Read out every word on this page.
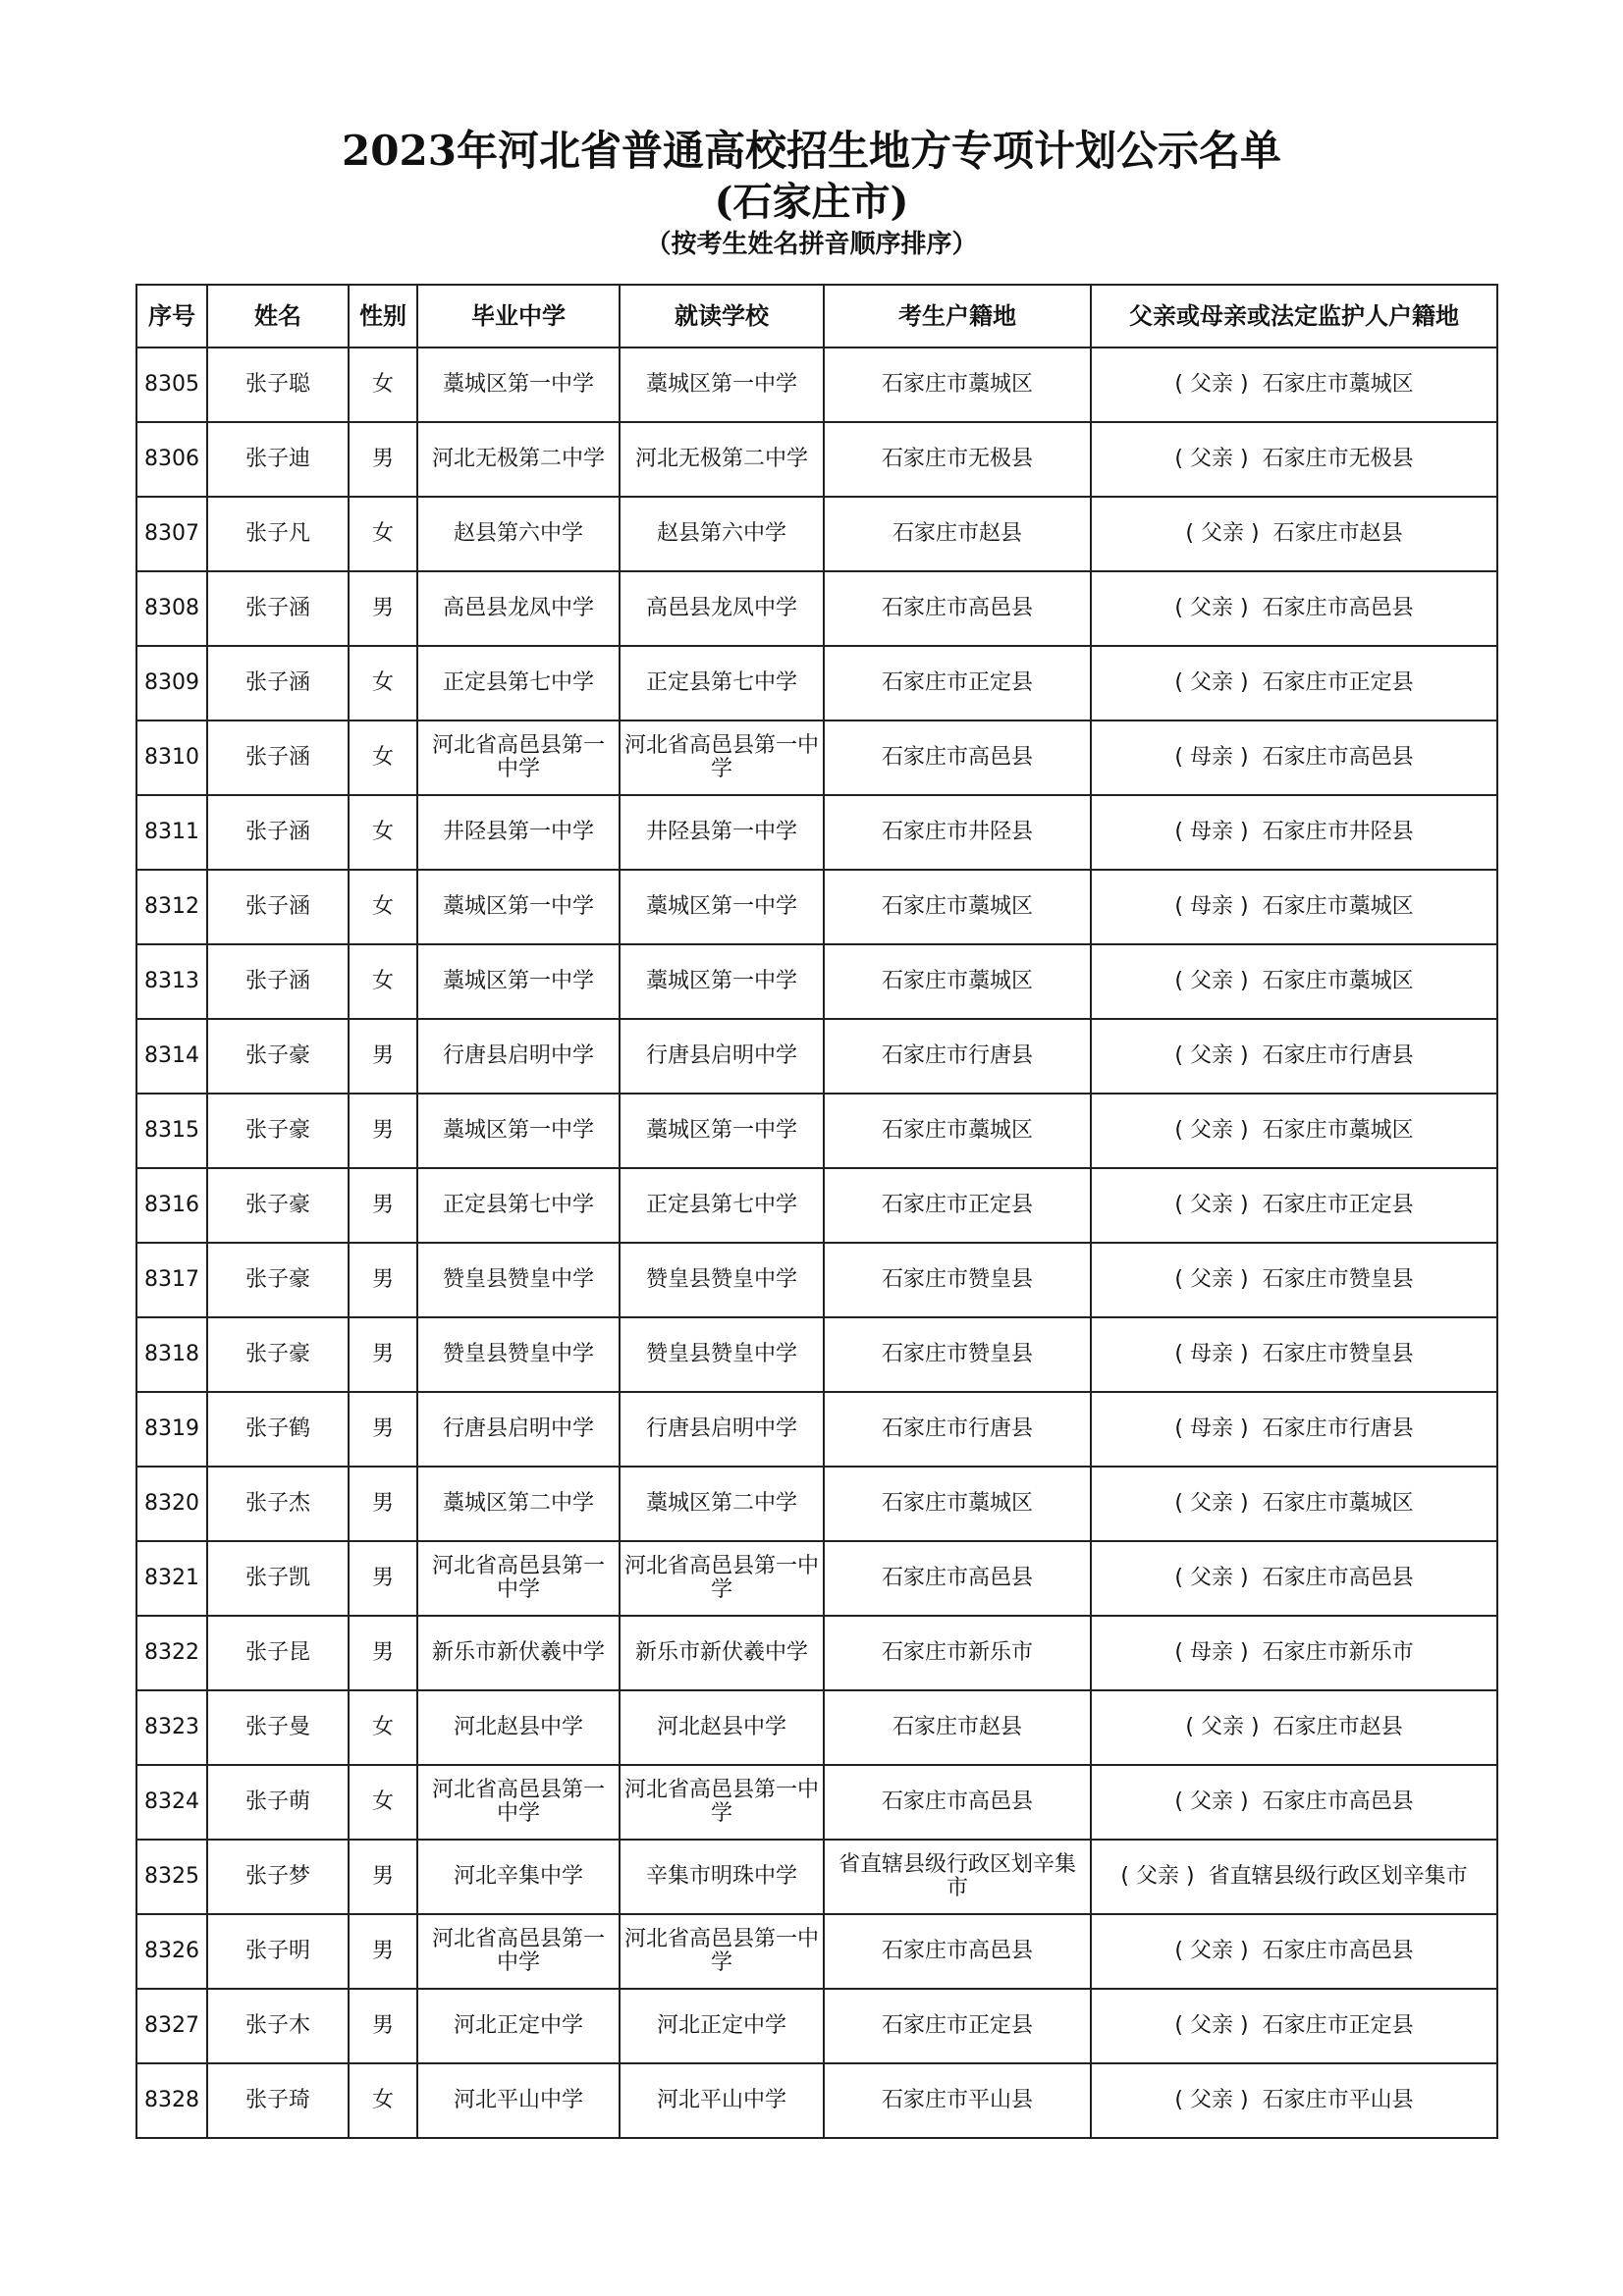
2023年河北省普通高校招生地方专项计划公示名单
(石家庄市)
（按考生姓名拼音顺序排序）
序号	姓名	性别	毕业中学	就读学校	考生户籍地	父亲或母亲或法定监护人户籍地
8305	张子聪	女	藁城区第一中学	藁城区第一中学	石家庄市藁城区	( 父亲 ) 石家庄市藁城区
8306	张子迪	男	河北无极第二中学	河北无极第二中学	石家庄市无极县	( 父亲 ) 石家庄市无极县
8307	张子凡	女	赵县第六中学	赵县第六中学	石家庄市赵县	( 父亲 ) 石家庄市赵县
8308	张子涵	男	高邑县龙凤中学	高邑县龙凤中学	石家庄市高邑县	( 父亲 ) 石家庄市高邑县
8309	张子涵	女	正定县第七中学	正定县第七中学	石家庄市正定县	( 父亲 ) 石家庄市正定县
8310	张子涵	女	河北省高邑县第一中学	河北省高邑县第一中学	石家庄市高邑县	( 母亲 ) 石家庄市高邑县
8311	张子涵	女	井陉县第一中学	井陉县第一中学	石家庄市井陉县	( 母亲 ) 石家庄市井陉县
8312	张子涵	女	藁城区第一中学	藁城区第一中学	石家庄市藁城区	( 母亲 ) 石家庄市藁城区
8313	张子涵	女	藁城区第一中学	藁城区第一中学	石家庄市藁城区	( 父亲 ) 石家庄市藁城区
8314	张子豪	男	行唐县启明中学	行唐县启明中学	石家庄市行唐县	( 父亲 ) 石家庄市行唐县
8315	张子豪	男	藁城区第一中学	藁城区第一中学	石家庄市藁城区	( 父亲 ) 石家庄市藁城区
8316	张子豪	男	正定县第七中学	正定县第七中学	石家庄市正定县	( 父亲 ) 石家庄市正定县
8317	张子豪	男	赞皇县赞皇中学	赞皇县赞皇中学	石家庄市赞皇县	( 父亲 ) 石家庄市赞皇县
8318	张子豪	男	赞皇县赞皇中学	赞皇县赞皇中学	石家庄市赞皇县	( 母亲 ) 石家庄市赞皇县
8319	张子鹤	男	行唐县启明中学	行唐县启明中学	石家庄市行唐县	( 母亲 ) 石家庄市行唐县
8320	张子杰	男	藁城区第二中学	藁城区第二中学	石家庄市藁城区	( 父亲 ) 石家庄市藁城区
8321	张子凯	男	河北省高邑县第一中学	河北省高邑县第一中学	石家庄市高邑县	( 父亲 ) 石家庄市高邑县
8322	张子昆	男	新乐市新伏羲中学	新乐市新伏羲中学	石家庄市新乐市	( 母亲 ) 石家庄市新乐市
8323	张子曼	女	河北赵县中学	河北赵县中学	石家庄市赵县	( 父亲 ) 石家庄市赵县
8324	张子萌	女	河北省高邑县第一中学	河北省高邑县第一中学	石家庄市高邑县	( 父亲 ) 石家庄市高邑县
8325	张子梦	男	河北辛集中学	辛集市明珠中学	省直辖县级行政区划辛集市	( 父亲 ) 省直辖县级行政区划辛集市
8326	张子明	男	河北省高邑县第一中学	河北省高邑县第一中学	石家庄市高邑县	( 父亲 ) 石家庄市高邑县
8327	张子木	男	河北正定中学	河北正定中学	石家庄市正定县	( 父亲 ) 石家庄市正定县
8328	张子琦	女	河北平山中学	河北平山中学	石家庄市平山县	( 父亲 ) 石家庄市平山县
